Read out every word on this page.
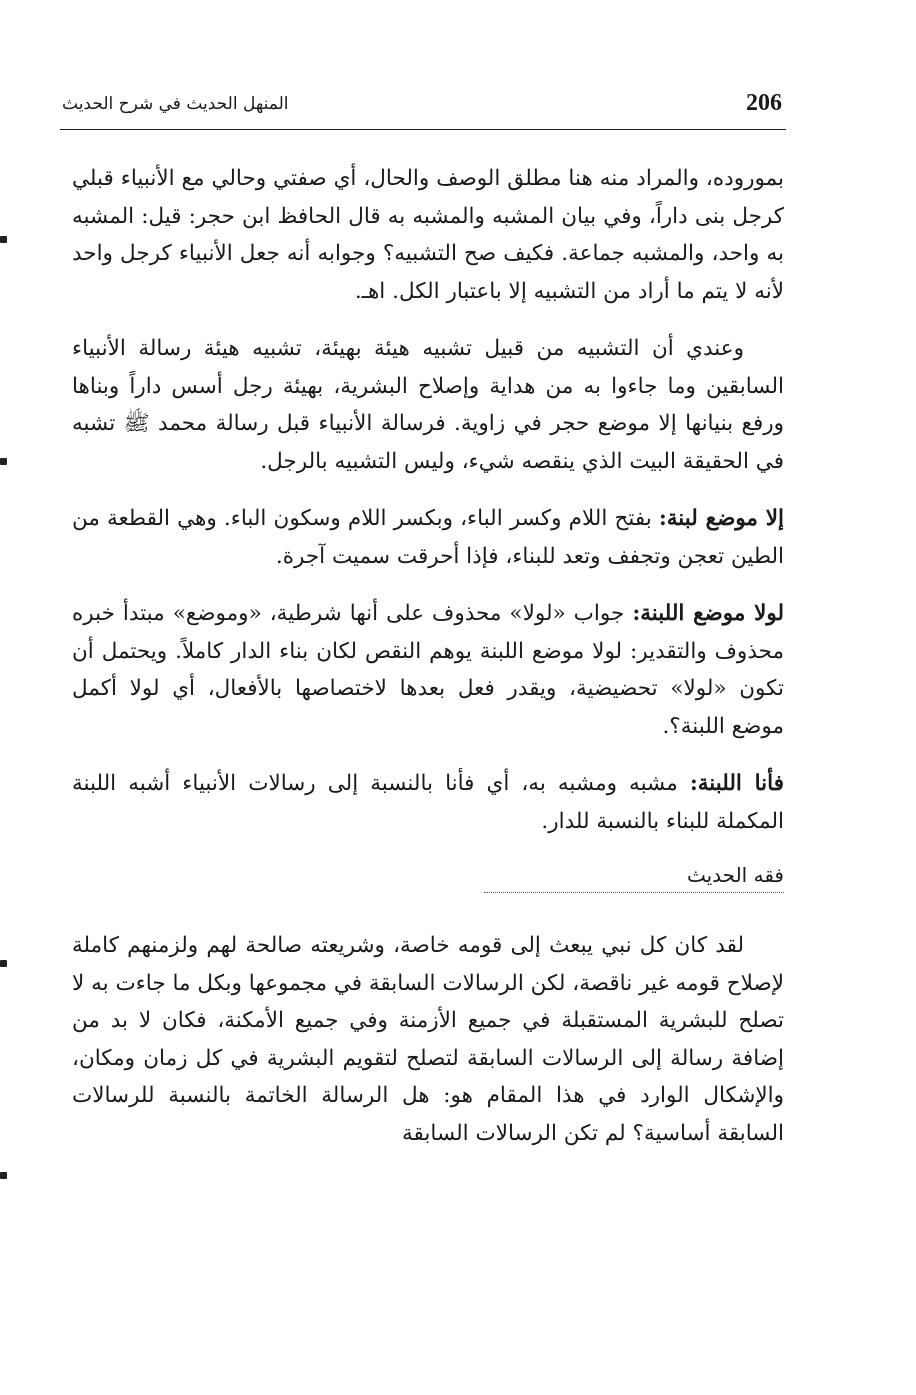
206
المنهل الحديث في شرح الحديث

بموروده، والمراد منه هنا مطلق الوصف والحال، أي صفتي وحالي مع الأنبياء قبلي كرجل بنى داراً، وفي بيان المشبه والمشبه به قال الحافظ ابن حجر: قيل: المشبه به واحد، والمشبه جماعة. فكيف صح التشبيه؟ وجوابه أنه جعل الأنبياء كرجل واحد لأنه لا يتم ما أراد من التشبيه إلا باعتبار الكل. اهـ.

وعندي أن التشبيه من قبيل تشبيه هيئة بهيئة، تشبيه هيئة رسالة الأنبياء السابقين وما جاءوا به من هداية وإصلاح البشرية، بهيئة رجل أسس داراً وبناها ورفع بنيانها إلا موضع حجر في زاوية. فرسالة الأنبياء قبل رسالة محمد ﷺ تشبه في الحقيقة البيت الذي ينقصه شيء، وليس التشبيه بالرجل.

إلا موضع لبنة: بفتح اللام وكسر الباء، وبكسر اللام وسكون الباء. وهي القطعة من الطين تعجن وتجفف وتعد للبناء، فإذا أحرقت سميت آجرة.

لولا موضع اللبنة: جواب «لولا» محذوف على أنها شرطية، «وموضع» مبتدأ خبره محذوف والتقدير: لولا موضع اللبنة يوهم النقص لكان بناء الدار كاملاً. ويحتمل أن تكون «لولا» تحضيضية، ويقدر فعل بعدها لاختصاصها بالأفعال، أي لولا أكمل موضع اللبنة؟.

فأنا اللبنة: مشبه ومشبه به، أي فأنا بالنسبة إلى رسالات الأنبياء أشبه اللبنة المكملة للبناء بالنسبة للدار.

فقه الحديث

لقد كان كل نبي يبعث إلى قومه خاصة، وشريعته صالحة لهم ولزمنهم كاملة لإصلاح قومه غير ناقصة، لكن الرسالات السابقة في مجموعها وبكل ما جاءت به لا تصلح للبشرية المستقبلة في جميع الأزمنة وفي جميع الأمكنة، فكان لا بد من إضافة رسالة إلى الرسالات السابقة لتصلح لتقويم البشرية في كل زمان ومكان، والإشكال الوارد في هذا المقام هو: هل الرسالة الخاتمة بالنسبة للرسالات السابقة أساسية؟ لم تكن الرسالات السابقة
